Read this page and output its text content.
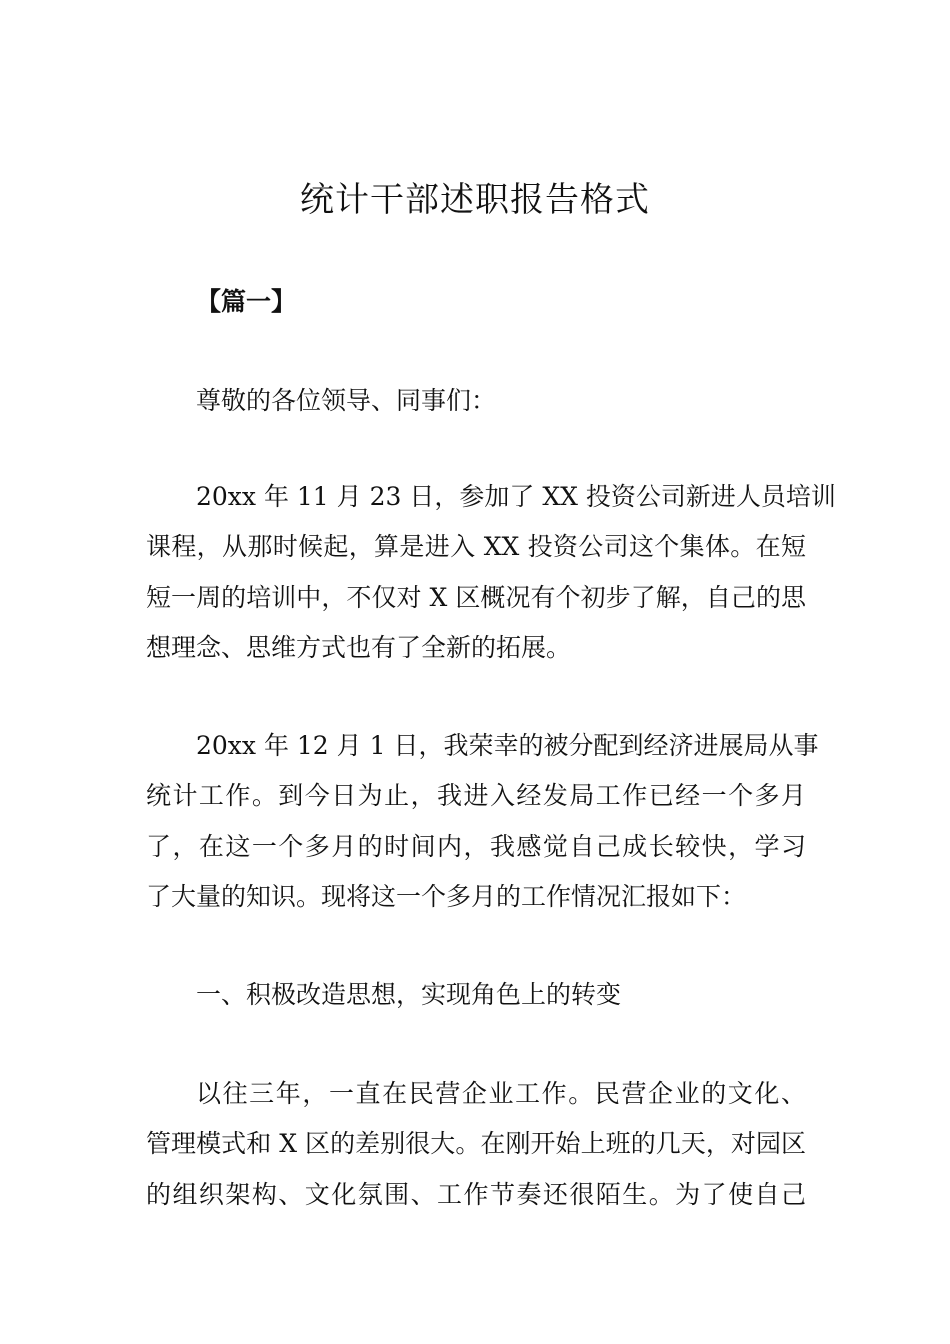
统计干部述职报告格式

【篇一】

尊敬的各位领导、同事们：

20xx 年 11 月 23 日，参加了 XX 投资公司新进人员培训

课程，从那时候起，算是进入 XX 投资公司这个集体。在短

短一周的培训中，不仅对 X 区概况有个初步了解，自己的思

想理念、思维方式也有了全新的拓展。

20xx 年 12 月 1 日，我荣幸的被分配到经济进展局从事

统计工作。到今日为止，我进入经发局工作已经一个多月

了，在这一个多月的时间内，我感觉自己成长较快，学习

了大量的知识。现将这一个多月的工作情况汇报如下：

一、积极改造思想，实现角色上的转变

以往三年，一直在民营企业工作。民营企业的文化、

管理模式和 X 区的差别很大。在刚开始上班的几天，对园区

的组织架构、文化氛围、工作节奏还很陌生。为了使自己
